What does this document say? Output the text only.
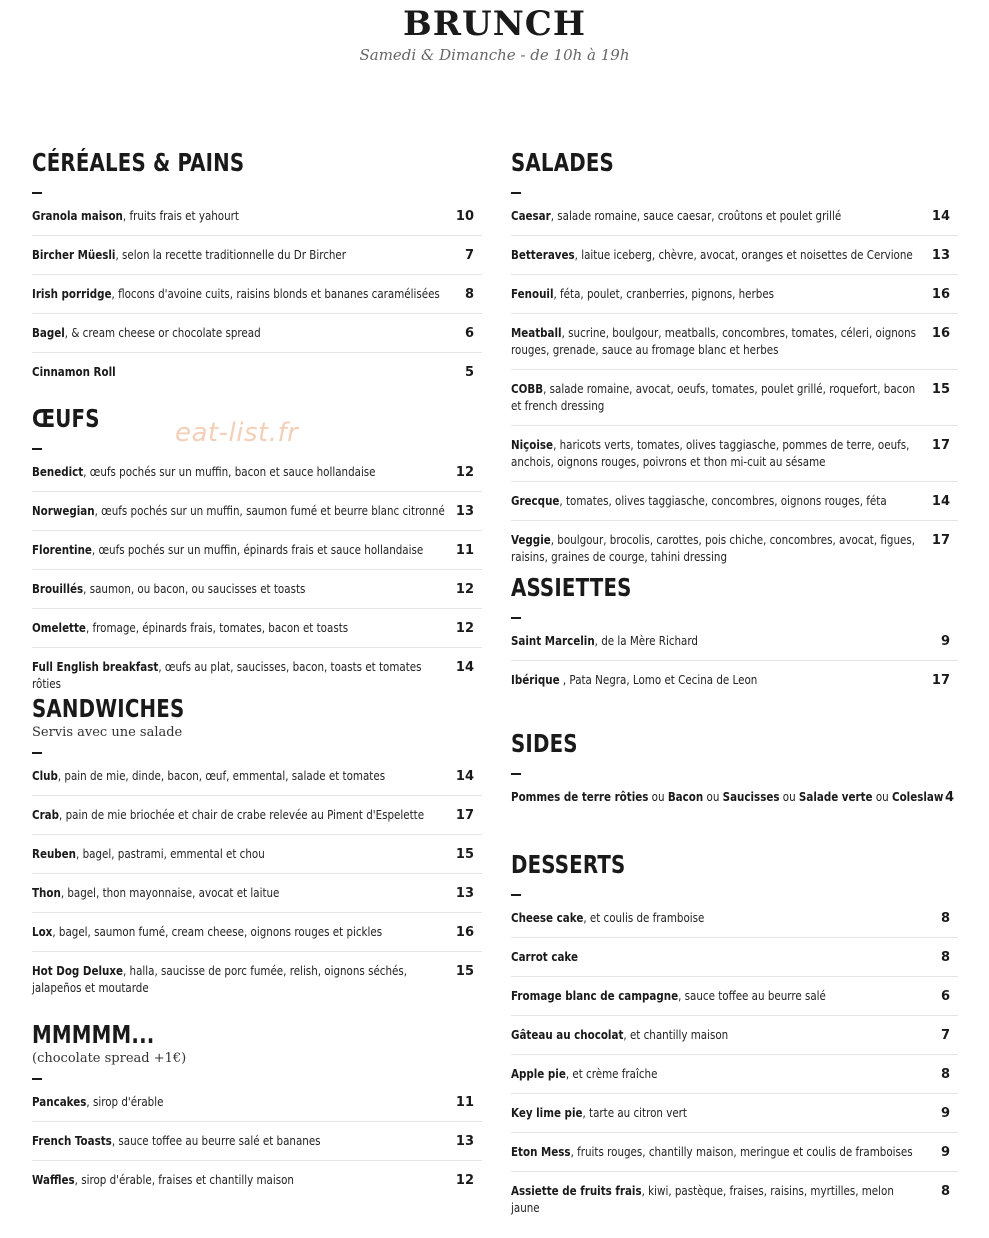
BRUNCH
Samedi & Dimanche - de 10h à 19h
eat-list.fr
CÉRÉALES & PAINS
Granola maison, fruits frais et yahourt	10
Bircher Müesli, selon la recette traditionnelle du Dr Bircher	7
Irish porridge, flocons d'avoine cuits, raisins blonds et bananes caramélisées	8
Bagel, & cream cheese or chocolate spread	6
Cinnamon Roll	5
ŒUFS
Benedict, œufs pochés sur un muffin, bacon et sauce hollandaise	12
Norwegian, œufs pochés sur un muffin, saumon fumé et beurre blanc citronné 13
Florentine, œufs pochés sur un muffin, épinards frais et sauce hollandaise	11
Brouillés, saumon, ou bacon, ou saucisses et toasts	12
Omelette, fromage, épinards frais, tomates, bacon et toasts	12
Full English breakfast, œufs au plat, saucisses, bacon, toasts et tomates rôties
14
SANDWICHES
Servis avec une salade
Club, pain de mie, dinde, bacon, œuf, emmental, salade et tomates	14
Crab, pain de mie briochée et chair de crabe relevée au Piment d'Espelette	17
Reuben, bagel, pastrami, emmental et chou	15
Thon, bagel, thon mayonnaise, avocat et laitue	13
Lox, bagel, saumon fumé, cream cheese, oignons rouges et pickles	16
Hot Dog Deluxe, halla, saucisse de porc fumée, relish, oignons séchés, jalapeños et moutarde
15
MMMMM...
(chocolate spread +1€)
Pancakes, sirop d'érable	11
French Toasts, sauce toffee au beurre salé et bananes	13
Waffles, sirop d'érable, fraises et chantilly maison	12
SALADES
Caesar, salade romaine, sauce caesar, croûtons et poulet grillé	14
Betteraves, laitue iceberg, chèvre, avocat, oranges et noisettes de Cervione	13
Fenouil, féta, poulet, cranberries, pignons, herbes	16
Meatball, sucrine, boulgour, meatballs, concombres, tomates, céleri, oignons rouges, grenade, sauce au fromage blanc et herbes
16
COBB, salade romaine, avocat, oeufs, tomates, poulet grillé, roquefort, bacon et french dressing
15
Niçoise, haricots verts, tomates, olives taggiasche, pommes de terre, oeufs, anchois, oignons rouges, poivrons et thon mi-cuit au sésame
17
Grecque, tomates, olives taggiasche, concombres, oignons rouges, féta	14
Veggie, boulgour, brocolis, carottes, pois chiche, concombres, avocat, figues, raisins, graines de courge, tahini dressing
17
ASSIETTES
Saint Marcelin, de la Mère Richard	9
Ibérique , Pata Negra, Lomo et Cecina de Leon	17
SIDES
Pommes de terre rôties ou Bacon ou Saucisses ou Salade verte ou Coleslaw 4
DESSERTS
Cheese cake, et coulis de framboise	8
Carrot cake	8
Fromage blanc de campagne, sauce toffee au beurre salé	6
Gâteau au chocolat, et chantilly maison	7
Apple pie, et crème fraîche	8
Key lime pie, tarte au citron vert	9
Eton Mess, fruits rouges, chantilly maison, meringue et coulis de framboises	9
Assiette de fruits frais, kiwi, pastèque, fraises, raisins, myrtilles, melon jaune
8
